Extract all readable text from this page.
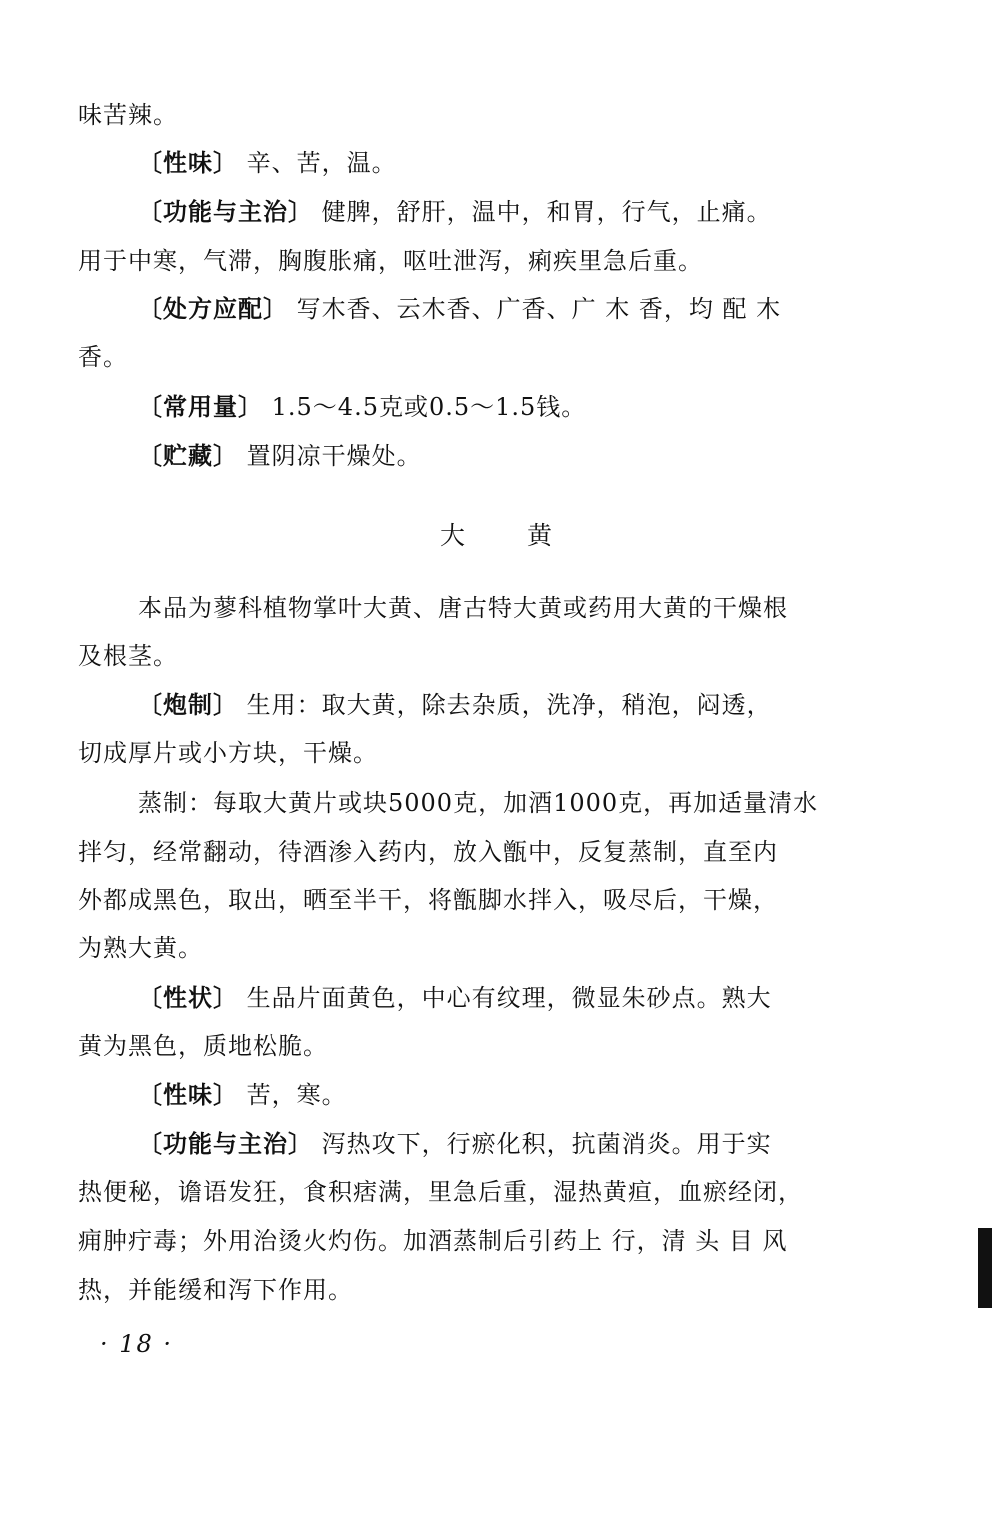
味苦辣。
〔性味〕 辛、苦，温。
〔功能与主治〕 健脾，舒肝，温中，和胃，行气，止痛。
用于中寒，气滞，胸腹胀痛，呕吐泄泻，痢疾里急后重。
〔处方应配〕 写木香、云木香、广香、广 木 香，均 配 木
香。
〔常用量〕 1.5～4.5克或0.5～1.5钱。
〔贮藏〕 置阴凉干燥处。
大黄
本品为蓼科植物掌叶大黄、唐古特大黄或药用大黄的干燥根
及根茎。
〔炮制〕 生用：取大黄，除去杂质，洗净，稍泡，闷透，
切成厚片或小方块，干燥。
蒸制：每取大黄片或块5000克，加酒1000克，再加适量清水
拌匀，经常翻动，待酒渗入药内，放入甑中，反复蒸制，直至内
外都成黑色，取出，晒至半干，将甑脚水拌入，吸尽后，干燥，
为熟大黄。
〔性状〕 生品片面黄色，中心有纹理，微显朱砂点。熟大
黄为黑色，质地松脆。
〔性味〕 苦，寒。
〔功能与主治〕 泻热攻下，行瘀化积，抗菌消炎。用于实
热便秘，谵语发狂，食积痞满，里急后重，湿热黄疸，血瘀经闭，
痈肿疔毒；外用治烫火灼伤。加酒蒸制后引药上 行，清 头 目 风
热，并能缓和泻下作用。
· 18 ·
